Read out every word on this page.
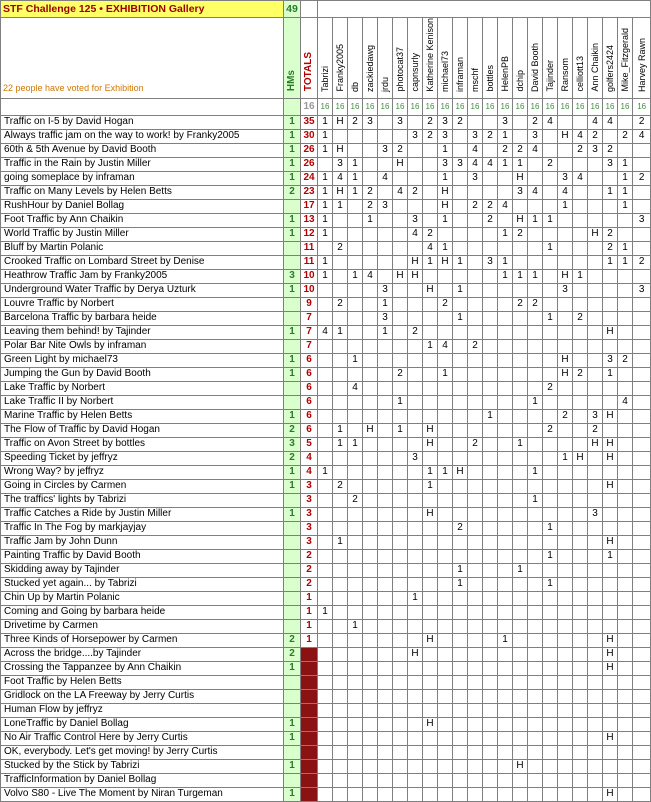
STF Challenge 125 • EXHIBITION Gallery	49																							
22 people have voted for Exhibition	HMs	TOTALS	Tabrizi	Franky2005	db	zackiedawg	jrdu	photocat37	capnsurly	Katherine Kenison	michael73	inframan	mschf	bottles	HelenPB	dchip	David Booth	Tajinder	Ransom	celliott13	Ann Chaikin	golfers2424	Mike_Fitzgerald	Harvey Rawn
		16	16	16	16	16	16	16	16	16	16	16	16	16	16	16	16	16	16	16	16	16	16	16
Traffic on I-5 by David Hogan	1	35	1	H	2	3		3		2	3	2			3		2	4			4	4		2
Always traffic jam on the way to work! by Franky2005	1	30	1						3	2	3		3	2	1		3		H	4	2		2	4
60th & 5th Avenue by David Booth	1	26	1	H			3	2			1		4		2	2	4			2	3	2		
Traffic in the Rain by Justin Miller	1	26		3	1			H			3	3	4	4	1	1		2				3	1	
going someplace by inframan	1	24	1	4	1		4				1		3			H			3	4			1	2
Traffic on Many Levels by Helen Betts	2	23	1	H	1	2		4	2		H					3	4		4			1	1	
RushHour by Daniel Bollag		17	1	1		2	3				H		2	2	4				1				1	
Foot Traffic by Ann Chaikin	1	13	1			1			3		1			2		H	1	1						3
World Traffic by Justin Miller	1	12	1						4	2					1	2					H	2		
Bluff by Martin Polanic		11		2						4	1							1				2	1	
Crooked Traffic on Lombard Street by Denise		11	1						H	1	H	1		3	1							1	1	2
Heathrow Traffic Jam by Franky2005	3	10	1		1	4		H	H						1	1	1		H	1				
Underground Water Traffic by Derya Uzturk	1	10					3			H		1							3					3
Louvre Traffic by Norbert		9		2			1				2					2	2							
Barcelona Traffic by barbara heide		7					3					1						1		2				
Leaving them behind! by Tajinder	1	7	4	1			1		2													H		
Polar Bar Nite Owls by inframan		7								1	4		2											
Green Light by michael73	1	6			1														H			3	2	
Jumping the Gun by David Booth	1	6						2			1								H	2		1		
Lake Traffic by Norbert		6			4													2						
Lake Traffic II by Norbert		6						1									1						4	
Marine Traffic by Helen Betts	1	6												1					2		3	H		
The Flow of Traffic by David Hogan	2	6		1		H		1		H								2			2			
Traffic on Avon Street by bottles	3	5		1	1					H			2			1					H	H		
Speeding Ticket by jeffryz	2	4							3										1	H		H		
Wrong Way? by jeffryz	1	4	1							1	1	H					1							
Going in Circles by Carmen	1	3		2						1												H		
The traffics' lights by Tabrizi		3			2												1							
Traffic Catches a Ride by Justin Miller	1	3								H											3			
Traffic In The Fog by markjayjay		3										2						1						
Traffic Jam by John Dunn		3		1																		H		
Painting Traffic by David Booth		2																1				1		
Skidding away by Tajinder		2										1				1								
Stucked yet again... by Tabrizi		2										1						1						
Chin Up by Martin Polanic		1							1															
Coming and Going by barbara heide		1	1																					
Drivetime by Carmen		1			1																			
Three Kinds of Horsepower by Carmen	2	1								H					1							H		
Across the bridge....by Tajinder	2								H													H		
Crossing the Tappanzee by Ann Chaikin	1																					H		
Foot Traffic by Helen Betts																								
Gridlock on the LA Freeway by Jerry Curtis																								
Human Flow by jeffryz																								
LoneTraffic by Daniel Bollag	1									H														
No Air Traffic Control Here by Jerry Curtis	1																					H		
OK, everybody. Let's get moving! by Jerry Curtis																								
Stucked by the Stick by Tabrizi	1															H								
TrafficInformation by Daniel Bollag																								
Volvo S80 - Live The Moment by Niran Turgeman	1																					H		
